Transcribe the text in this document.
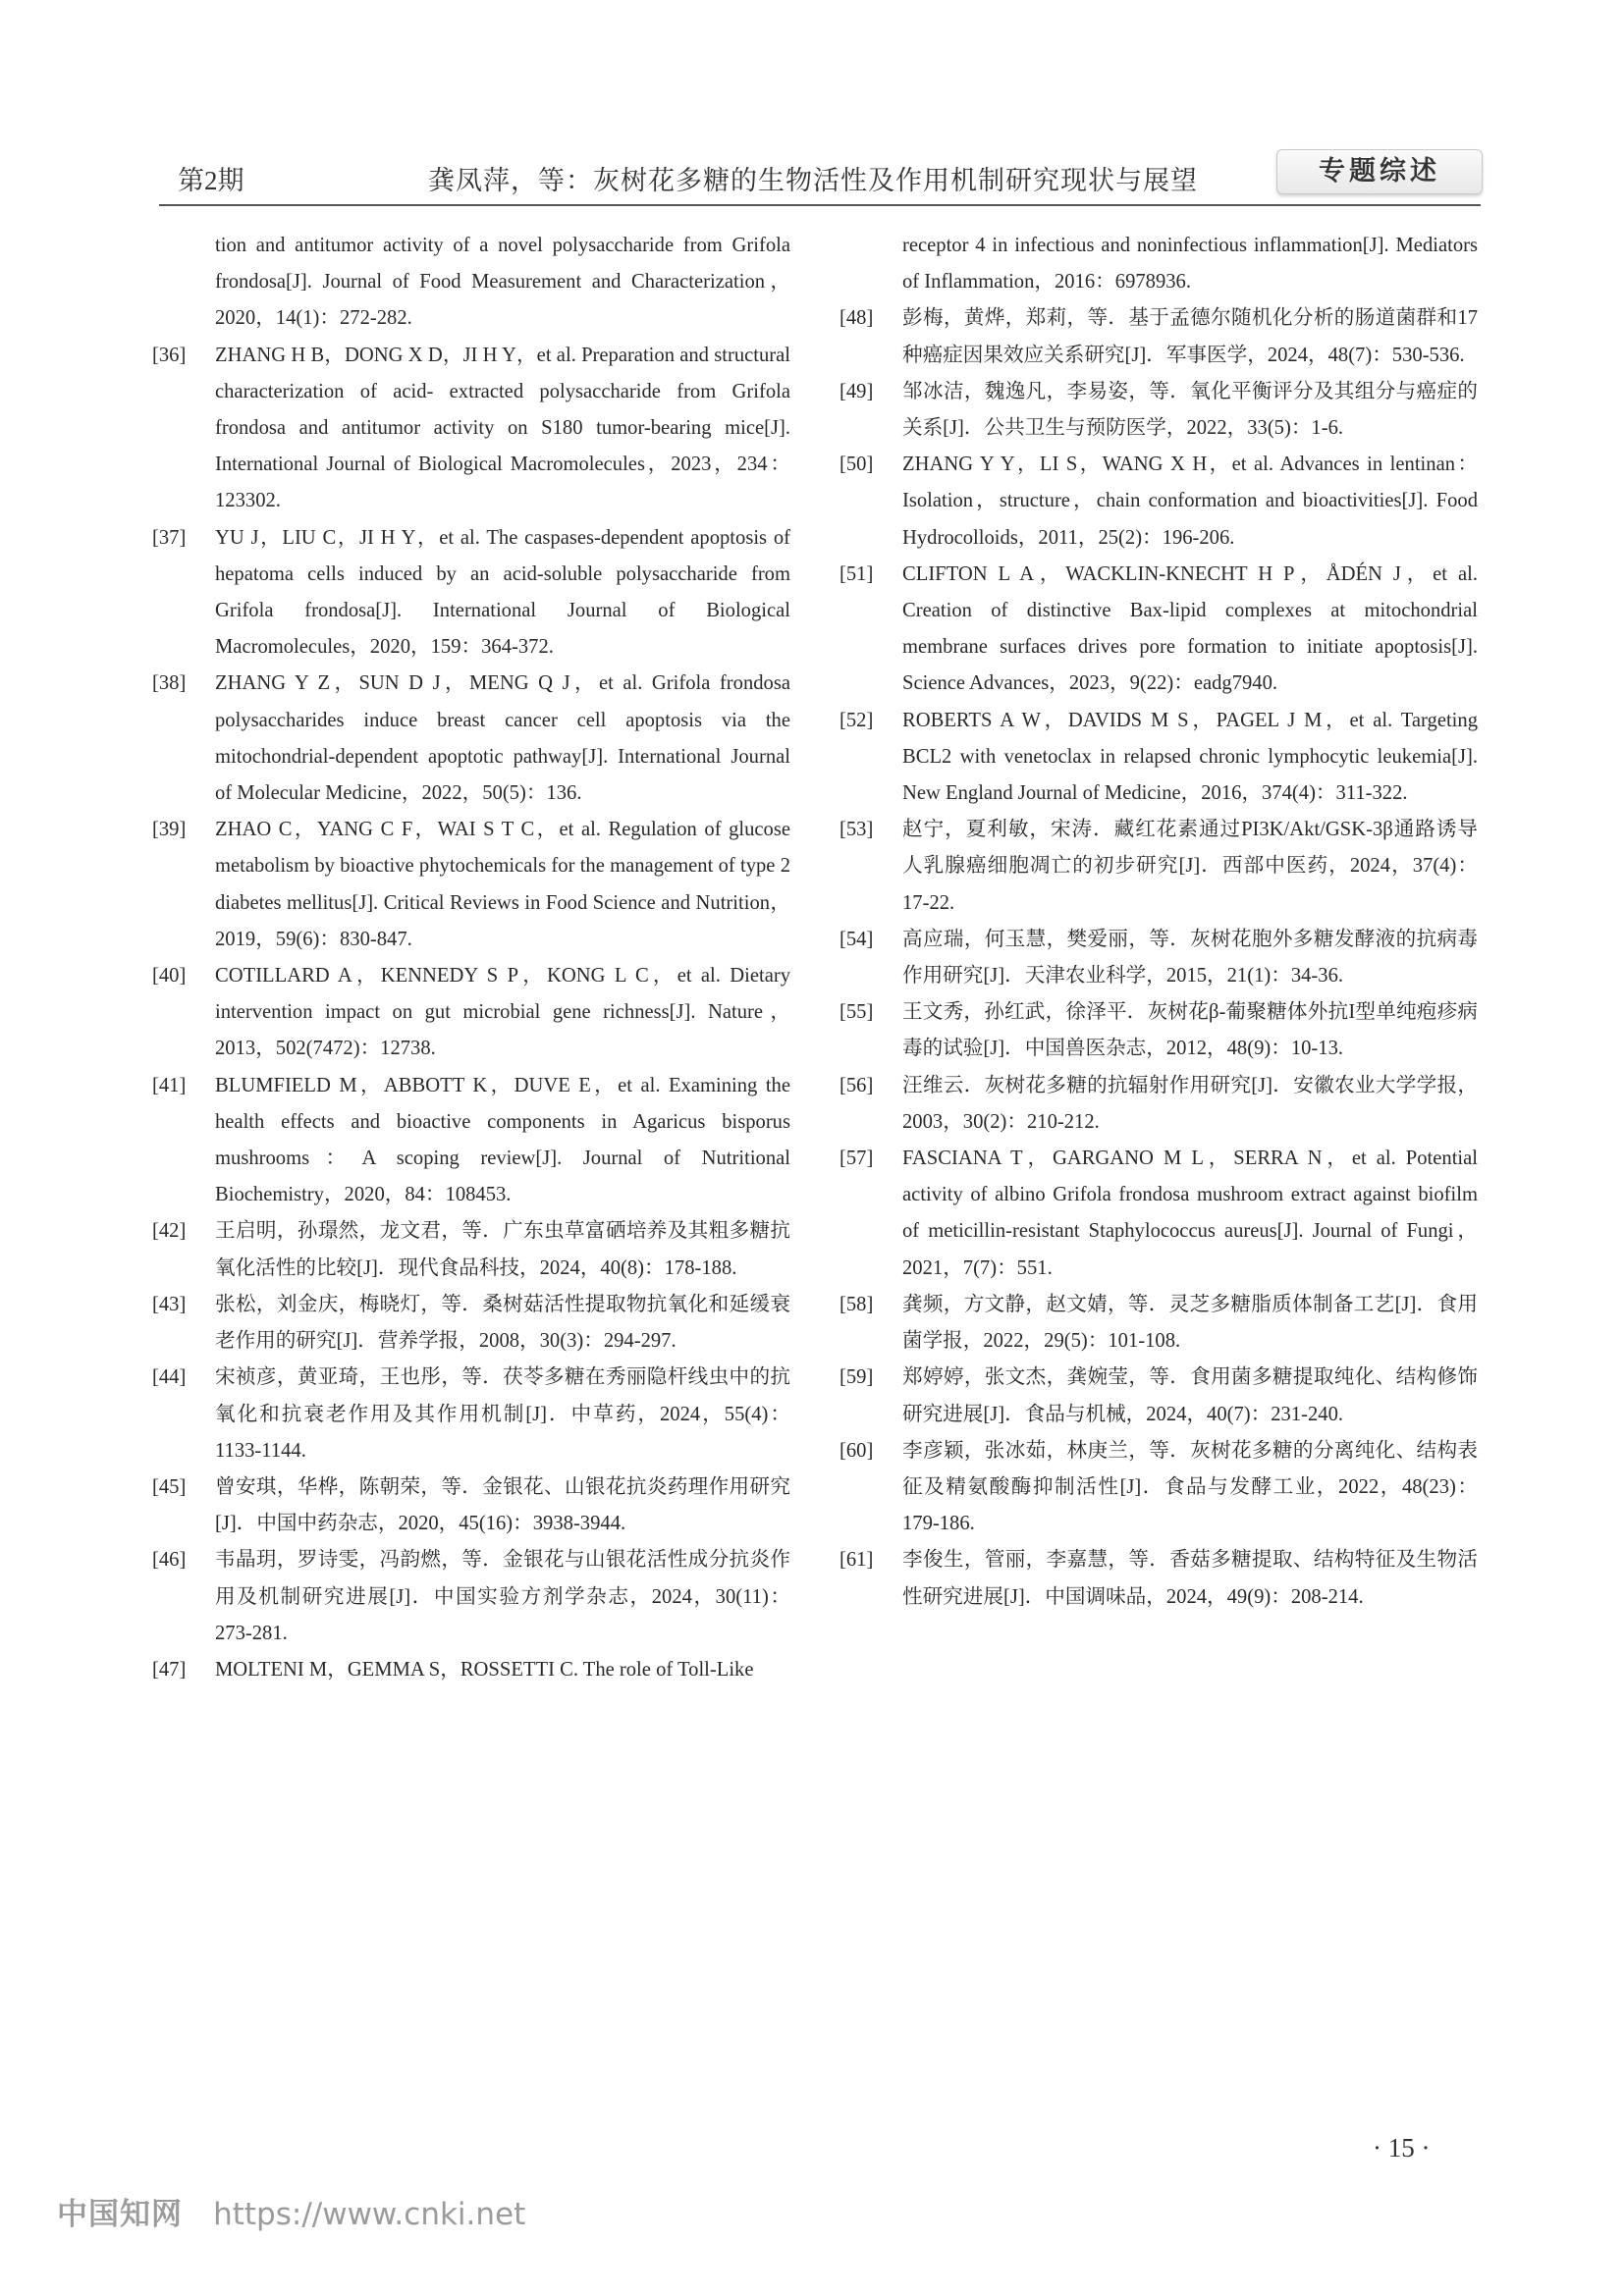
第2期	龚凤萍，等：灰树花多糖的生物活性及作用机制研究现状与展望	专题综述
tion and antitumor activity of a novel polysaccharide from Grifola frondosa[J]. Journal of Food Measurement and Characterization，2020，14(1)：272-282.
[36] ZHANG H B，DONG X D，JI H Y，et al. Preparation and structural characterization of acid- extracted polysaccharide from Grifola frondosa and antitumor activity on S180 tumor-bearing mice[J]. International Journal of Biological Macromolecules，2023，234：123302.
[37] YU J，LIU C，JI H Y，et al. The caspases-dependent apoptosis of hepatoma cells induced by an acid-soluble polysaccharide from Grifola frondosa[J]. International Journal of Biological Macromolecules，2020，159：364-372.
[38] ZHANG Y Z，SUN D J，MENG Q J，et al. Grifola frondosa polysaccharides induce breast cancer cell apoptosis via the mitochondrial-dependent apoptotic pathway[J]. International Journal of Molecular Medicine，2022，50(5)：136.
[39] ZHAO C，YANG C F，WAI S T C，et al. Regulation of glucose metabolism by bioactive phytochemicals for the management of type 2 diabetes mellitus[J]. Critical Reviews in Food Science and Nutrition，2019，59(6)：830-847.
[40] COTILLARD A，KENNEDY S P，KONG L C，et al. Dietary intervention impact on gut microbial gene richness[J]. Nature，2013，502(7472)：12738.
[41] BLUMFIELD M，ABBOTT K，DUVE E，et al. Examining the health effects and bioactive components in Agaricus bisporus mushrooms：A scoping review[J]. Journal of Nutritional Biochemistry，2020，84：108453.
[42] 王启明，孙璟然，龙文君，等．广东虫草富硒培养及其粗多糖抗氧化活性的比较[J]．现代食品科技，2024，40(8)：178-188.
[43] 张松，刘金庆，梅晓灯，等．桑树菇活性提取物抗氧化和延缓衰老作用的研究[J]．营养学报，2008，30(3)：294-297.
[44] 宋祯彦，黄亚琦，王也彤，等．茯苓多糖在秀丽隐杆线虫中的抗氧化和抗衰老作用及其作用机制[J]．中草药，2024，55(4)：1133-1144.
[45] 曾安琪，华桦，陈朝荣，等．金银花、山银花抗炎药理作用研究[J]．中国中药杂志，2020，45(16)：3938-3944.
[46] 韦晶玥，罗诗雯，冯韵燃，等．金银花与山银花活性成分抗炎作用及机制研究进展[J]．中国实验方剂学杂志，2024，30(11)：273-281.
[47] MOLTENI M，GEMMA S，ROSSETTI C. The role of Toll-Like
receptor 4 in infectious and noninfectious inflammation[J]. Mediators of Inflammation，2016：6978936.
[48] 彭梅，黄烨，郑莉，等．基于孟德尔随机化分析的肠道菌群和17种癌症因果效应关系研究[J]．军事医学，2024，48(7)：530-536.
[49] 邹冰洁，魏逸凡，李易姿，等．氧化平衡评分及其组分与癌症的关系[J]．公共卫生与预防医学，2022，33(5)：1-6.
[50] ZHANG Y Y，LI S，WANG X H，et al. Advances in lentinan：Isolation，structure，chain conformation and bioactivities[J]. Food Hydrocolloids，2011，25(2)：196-206.
[51] CLIFTON L A，WACKLIN-KNECHT H P，ÅDÉN J，et al. Creation of distinctive Bax-lipid complexes at mitochondrial membrane surfaces drives pore formation to initiate apoptosis[J]. Science Advances，2023，9(22)：eadg7940.
[52] ROBERTS A W，DAVIDS M S，PAGEL J M，et al. Targeting BCL2 with venetoclax in relapsed chronic lymphocytic leukemia[J]. New England Journal of Medicine，2016，374(4)：311-322.
[53] 赵宁，夏利敏，宋涛．藏红花素通过PI3K/Akt/GSK-3β通路诱导人乳腺癌细胞凋亡的初步研究[J]．西部中医药，2024，37(4)：17-22.
[54] 高应瑞，何玉慧，樊爱丽，等．灰树花胞外多糖发酵液的抗病毒作用研究[J]．天津农业科学，2015，21(1)：34-36.
[55] 王文秀，孙红武，徐泽平．灰树花β-葡聚糖体外抗I型单纯疱疹病毒的试验[J]．中国兽医杂志，2012，48(9)：10-13.
[56] 汪维云．灰树花多糖的抗辐射作用研究[J]．安徽农业大学学报，2003，30(2)：210-212.
[57] FASCIANA T，GARGANO M L，SERRA N，et al. Potential activity of albino Grifola frondosa mushroom extract against biofilm of meticillin-resistant Staphylococcus aureus[J]. Journal of Fungi，2021，7(7)：551.
[58] 龚频，方文静，赵文婧，等．灵芝多糖脂质体制备工艺[J]．食用菌学报，2022，29(5)：101-108.
[59] 郑婷婷，张文杰，龚婉莹，等．食用菌多糖提取纯化、结构修饰研究进展[J]．食品与机械，2024，40(7)：231-240.
[60] 李彦颖，张冰茹，林庚兰，等．灰树花多糖的分离纯化、结构表征及精氨酸酶抑制活性[J]．食品与发酵工业，2022，48(23)：179-186.
[61] 李俊生，管丽，李嘉慧，等．香菇多糖提取、结构特征及生物活性研究进展[J]．中国调味品，2024，49(9)：208-214.
· 15 ·
中国知网 https://www.cnki.net
